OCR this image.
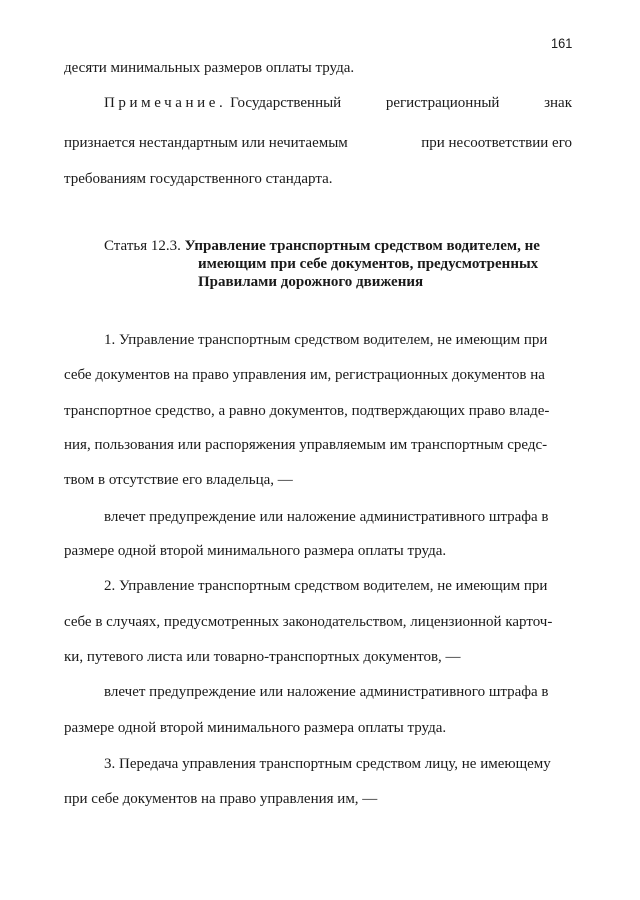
161
десяти минимальных размеров оплаты труда.
Примечание. Государственный	регистрационный	знак
признается нестандартным или нечитаемым	при несоответствии его
требованиям государственного стандарта.
Статья 12.3. Управление транспортным средством водителем, не
имеющим при себе документов, предусмотренных
Правилами дорожного движения
1. Управление транспортным средством водителем, не имеющим при
себе документов на право управления им, регистрационных документов на
транспортное средство, а равно документов, подтверждающих право владе-
ния, пользования или распоряжения управляемым им транспортным средс-
твом в отсутствие его владельца, —
влечет предупреждение или наложение административного штрафа в
размере одной второй минимального размера оплаты труда.
2. Управление транспортным средством водителем, не имеющим при
себе в случаях, предусмотренных законодательством, лицензионной карточ-
ки, путевого листа или товарно-транспортных документов, —
влечет предупреждение или наложение административного штрафа в
размере одной второй минимального размера оплаты труда.
3. Передача управления транспортным средством лицу, не имеющему
при себе документов на право управления им, —
